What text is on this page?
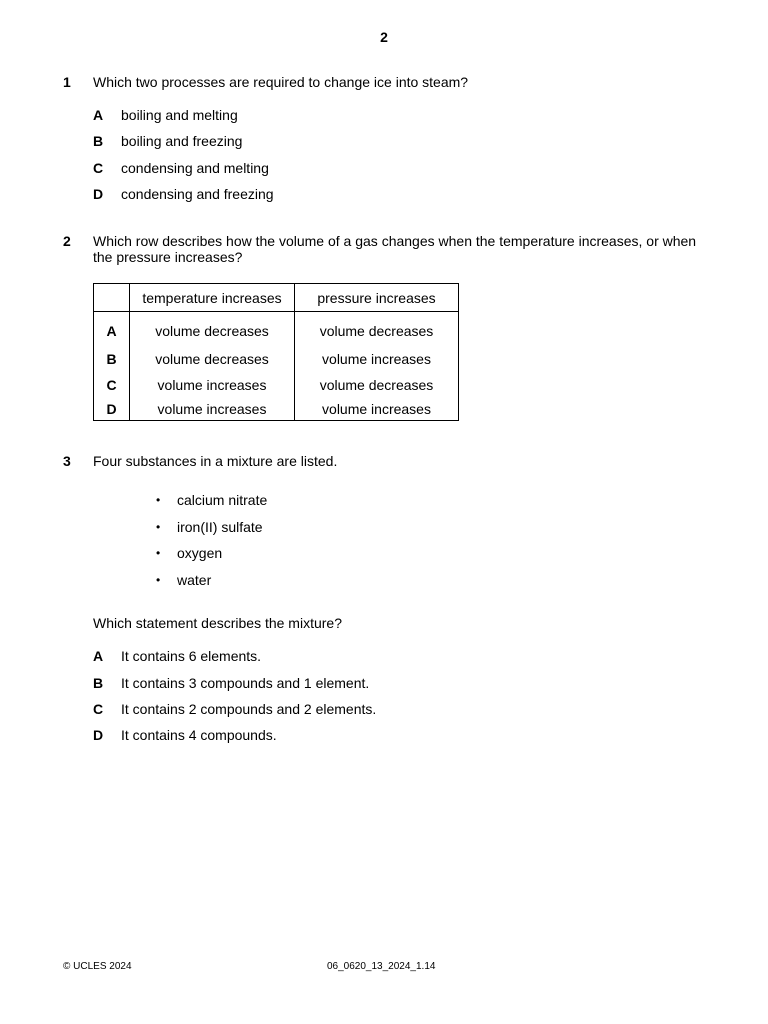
2
1 Which two processes are required to change ice into steam?
A boiling and melting
B boiling and freezing
C condensing and melting
D condensing and freezing
2 Which row describes how the volume of a gas changes when the temperature increases, or when the pressure increases?
	temperature increases	pressure increases
A	volume decreases	volume decreases
B	volume decreases	volume increases
C	volume increases	volume decreases
D	volume increases	volume increases
3 Four substances in a mixture are listed.
• calcium nitrate
• iron(II) sulfate
• oxygen
• water
Which statement describes the mixture?
A It contains 6 elements.
B It contains 3 compounds and 1 element.
C It contains 2 compounds and 2 elements.
D It contains 4 compounds.
© UCLES 2024	06_0620_13_2024_1.14
